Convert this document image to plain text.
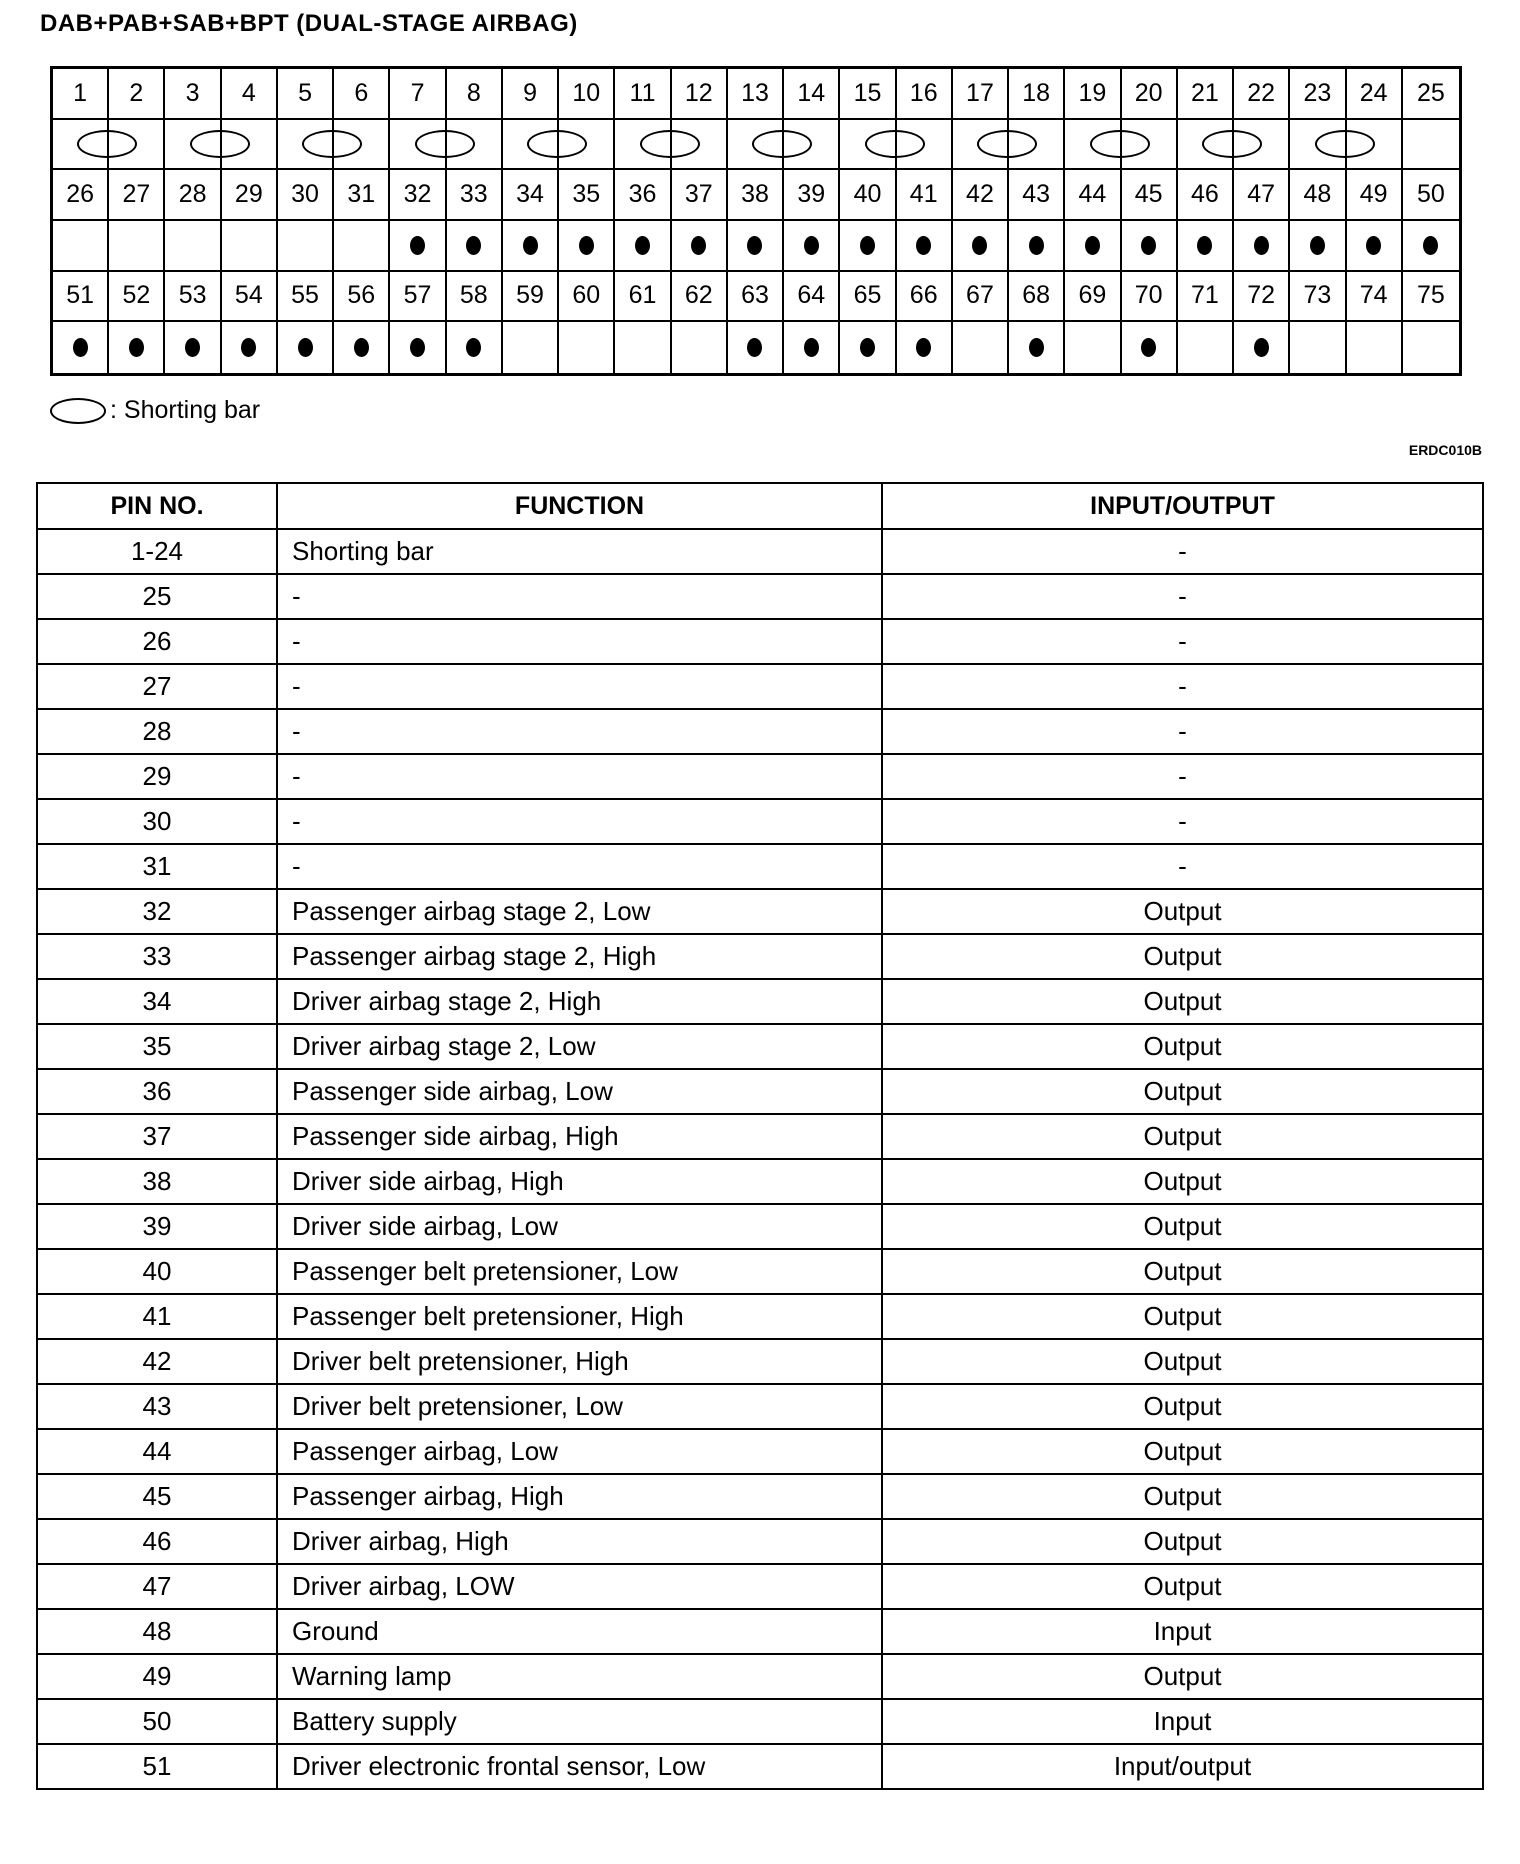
DAB+PAB+SAB+BPT (DUAL-STAGE AIRBAG)
1	2	3	4	5	6	7	8	9	10	11	12	13	14	15	16	17	18	19	20	21	22	23	24	25
26	27	28	29	30	31	32	33	34	35	36	37	38	39	40	41	42	43	44	45	46	47	48	49	50
51	52	53	54	55	56	57	58	59	60	61	62	63	64	65	66	67	68	69	70	71	72	73	74	75
: Shorting bar
ERDC010B
PIN NO.	FUNCTION	INPUT/OUTPUT
1-24	Shorting bar	-
25	-	-
26	-	-
27	-	-
28	-	-
29	-	-
30	-	-
31	-	-
32	Passenger airbag stage 2, Low	Output
33	Passenger airbag stage 2, High	Output
34	Driver airbag stage 2, High	Output
35	Driver airbag stage 2, Low	Output
36	Passenger side airbag, Low	Output
37	Passenger side airbag, High	Output
38	Driver side airbag, High	Output
39	Driver side airbag, Low	Output
40	Passenger belt pretensioner, Low	Output
41	Passenger belt pretensioner, High	Output
42	Driver belt pretensioner, High	Output
43	Driver belt pretensioner, Low	Output
44	Passenger airbag, Low	Output
45	Passenger airbag, High	Output
46	Driver airbag, High	Output
47	Driver airbag, LOW	Output
48	Ground	Input
49	Warning lamp	Output
50	Battery supply	Input
51	Driver electronic frontal sensor, Low	Input/output
